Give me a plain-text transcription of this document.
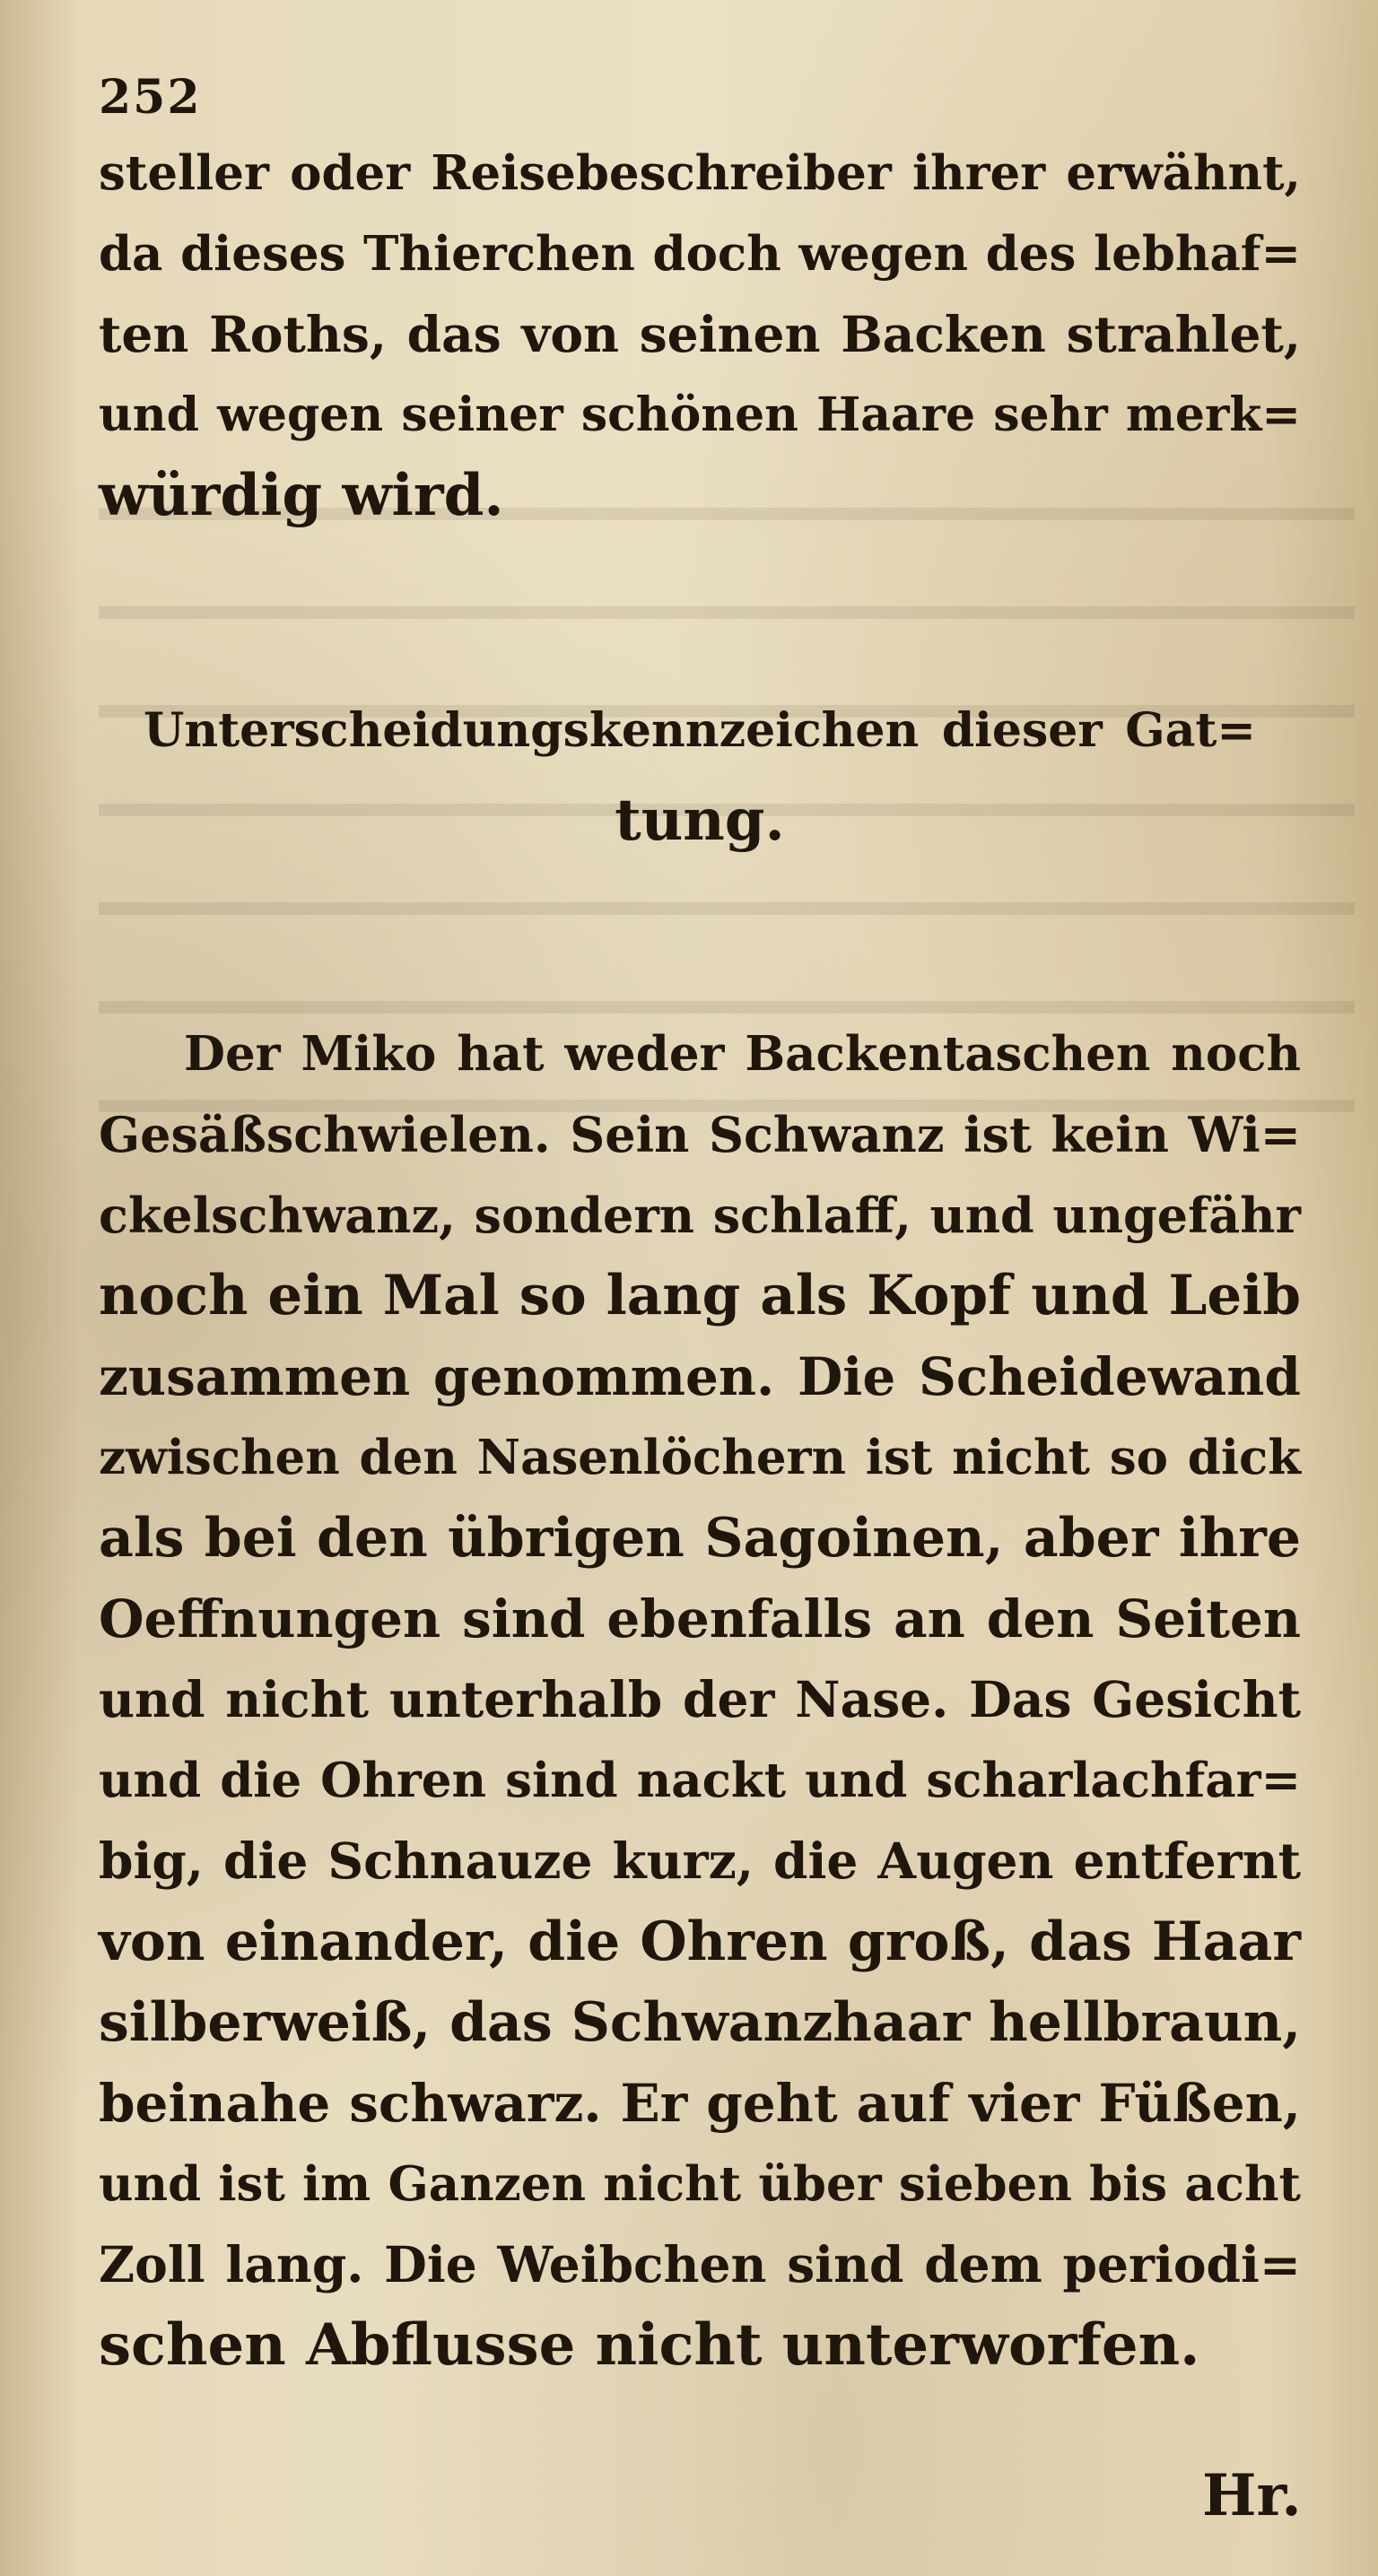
252
steller oder Reisebeschreiber ihrer erwähnt,
da dieses Thierchen doch wegen des lebhaf=
ten Roths, das von seinen Backen strahlet,
und wegen seiner schönen Haare sehr merk=
würdig wird.
Unterscheidungskennzeichen dieser Gat=
tung.
Der Miko hat weder Backentaschen noch
Gesäßschwielen. Sein Schwanz ist kein Wi=
ckelschwanz, sondern schlaff, und ungefähr
noch ein Mal so lang als Kopf und Leib
zusammen genommen. Die Scheidewand
zwischen den Nasenlöchern ist nicht so dick
als bei den übrigen Sagoinen, aber ihre
Oeffnungen sind ebenfalls an den Seiten
und nicht unterhalb der Nase. Das Gesicht
und die Ohren sind nackt und scharlachfar=
big, die Schnauze kurz, die Augen entfernt
von einander, die Ohren groß, das Haar
silberweiß, das Schwanzhaar hellbraun,
beinahe schwarz. Er geht auf vier Füßen,
und ist im Ganzen nicht über sieben bis acht
Zoll lang. Die Weibchen sind dem periodi=
schen Abflusse nicht unterworfen.
Hr.
